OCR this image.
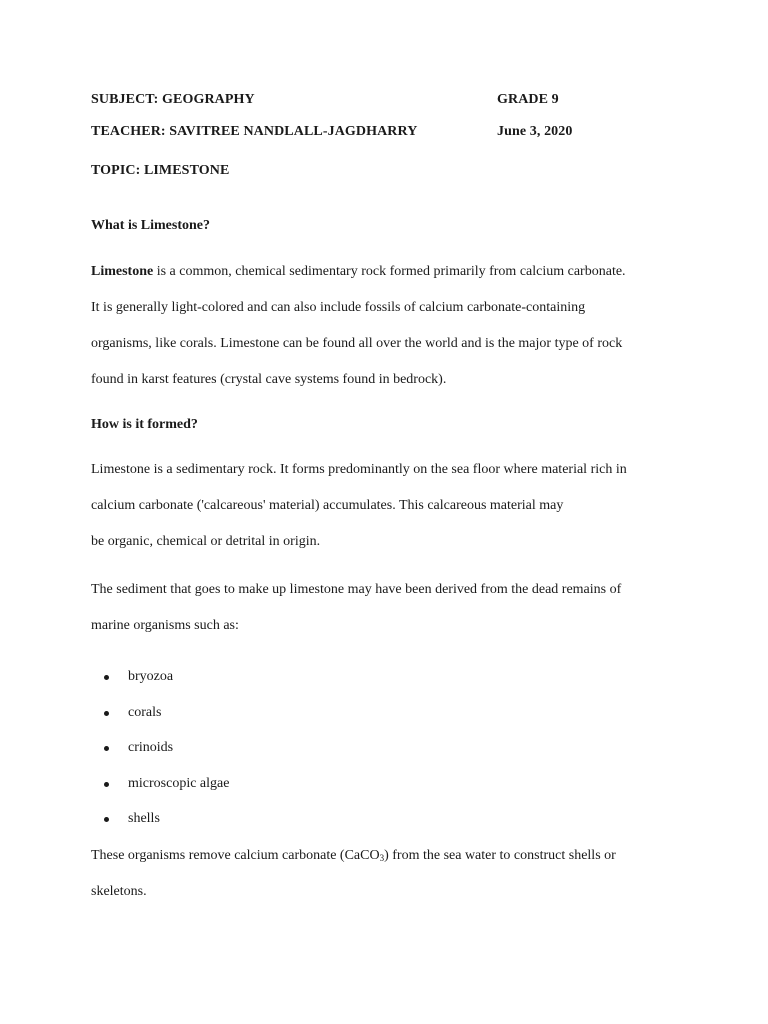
SUBJECT: GEOGRAPHY	GRADE 9
TEACHER: SAVITREE NANDLALL-JAGDHARRY	June 3, 2020
TOPIC: LIMESTONE
What is Limestone?
Limestone is a common, chemical sedimentary rock formed primarily from calcium carbonate.
It is generally light-colored and can also include fossils of calcium carbonate-containing
organisms, like corals. Limestone can be found all over the world and is the major type of rock
found in karst features (crystal cave systems found in bedrock).
How is it formed?
Limestone is a sedimentary rock. It forms predominantly on the sea floor where material rich in
calcium carbonate ('calcareous' material) accumulates. This calcareous material may
be organic, chemical or detrital in origin.
The sediment that goes to make up limestone may have been derived from the dead remains of
marine organisms such as:
bryozoa
corals
crinoids
microscopic algae
shells
These organisms remove calcium carbonate (CaCO$_3$) from the sea water to construct shells or
skeletons.
